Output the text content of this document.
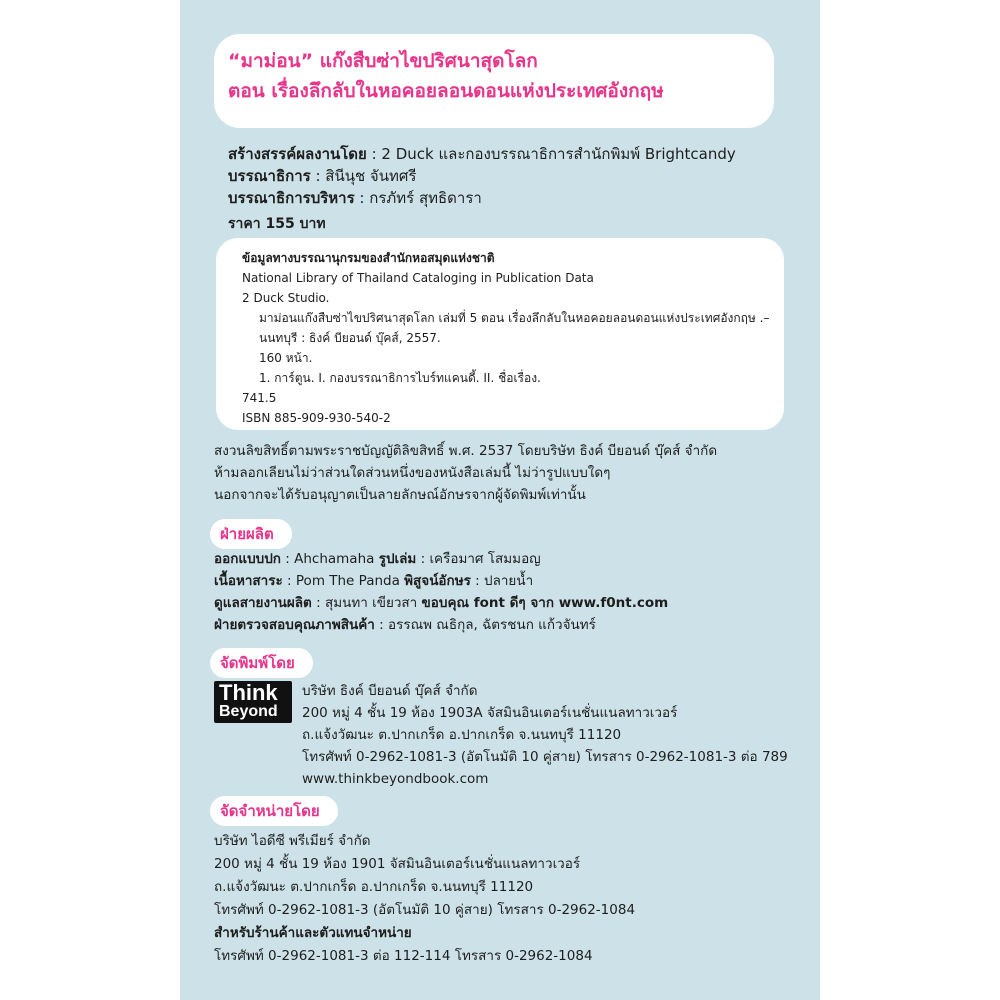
“มาม่อน” แก๊งสืบซ่าไขปริศนาสุดโลก
ตอน เรื่องลึกลับในหอคอยลอนดอนแห่งประเทศอังกฤษ
สร้างสรรค์ผลงานโดย : 2 Duck และกองบรรณาธิการสำนักพิมพ์ Brightcandy
บรรณาธิการ : สินีนุช จันทศรี
บรรณาธิการบริหาร : กรภัทร์ สุทธิดารา
ราคา 155 บาท
ข้อมูลทางบรรณานุกรมของสำนักหอสมุดแห่งชาติ
National Library of Thailand Cataloging in Publication Data
2 Duck Studio.
มาม่อนแก๊งสืบซ่าไขปริศนาสุดโลก เล่มที่ 5 ตอน เรื่องลึกลับในหอคอยลอนดอนแห่งประเทศอังกฤษ .–
นนทบุรี : ธิงค์ บียอนด์ บุ๊คส์, 2557.
160 หน้า.
1. การ์ตูน. I. กองบรรณาธิการไบร์ทแคนดี้. II. ชื่อเรื่อง.
741.5
ISBN 885-909-930-540-2
สงวนลิขสิทธิ์ตามพระราชบัญญัติลิขสิทธิ์ พ.ศ. 2537 โดยบริษัท ธิงค์ บียอนด์ บุ๊คส์ จำกัด
ห้ามลอกเลียนไม่ว่าส่วนใดส่วนหนึ่งของหนังสือเล่มนี้ ไม่ว่ารูปแบบใดๆ
นอกจากจะได้รับอนุญาตเป็นลายลักษณ์อักษรจากผู้จัดพิมพ์เท่านั้น
ฝ่ายผลิต
ออกแบบปก : Ahchamaha รูปเล่ม : เครือมาศ โสมมอญ
เนื้อหาสาระ : Pom The Panda พิสูจน์อักษร : ปลายน้ำ
ดูแลสายงานผลิต : สุมนทา เขียวสา ขอบคุณ font ดีๆ จาก www.f0nt.com
ฝ่ายตรวจสอบคุณภาพสินค้า : อรรณพ ณธิกุล, ฉัตรชนก แก้วจันทร์
จัดพิมพ์โดย
Think
Beyond
บริษัท ธิงค์ บียอนด์ บุ๊คส์ จำกัด
200 หมู่ 4 ชั้น 19 ห้อง 1903A จัสมินอินเตอร์เนชั่นแนลทาวเวอร์
ถ.แจ้งวัฒนะ ต.ปากเกร็ด อ.ปากเกร็ด จ.นนทบุรี 11120
โทรศัพท์ 0-2962-1081-3 (อัตโนมัติ 10 คู่สาย) โทรสาร 0-2962-1081-3 ต่อ 789
www.thinkbeyondbook.com
จัดจำหน่ายโดย
บริษัท ไอดีซี พรีเมียร์ จำกัด
200 หมู่ 4 ชั้น 19 ห้อง 1901 จัสมินอินเตอร์เนชั่นแนลทาวเวอร์
ถ.แจ้งวัฒนะ ต.ปากเกร็ด อ.ปากเกร็ด จ.นนทบุรี 11120
โทรศัพท์ 0-2962-1081-3 (อัตโนมัติ 10 คู่สาย) โทรสาร 0-2962-1084
สำหรับร้านค้าและตัวแทนจำหน่าย
โทรศัพท์ 0-2962-1081-3 ต่อ 112-114 โทรสาร 0-2962-1084
